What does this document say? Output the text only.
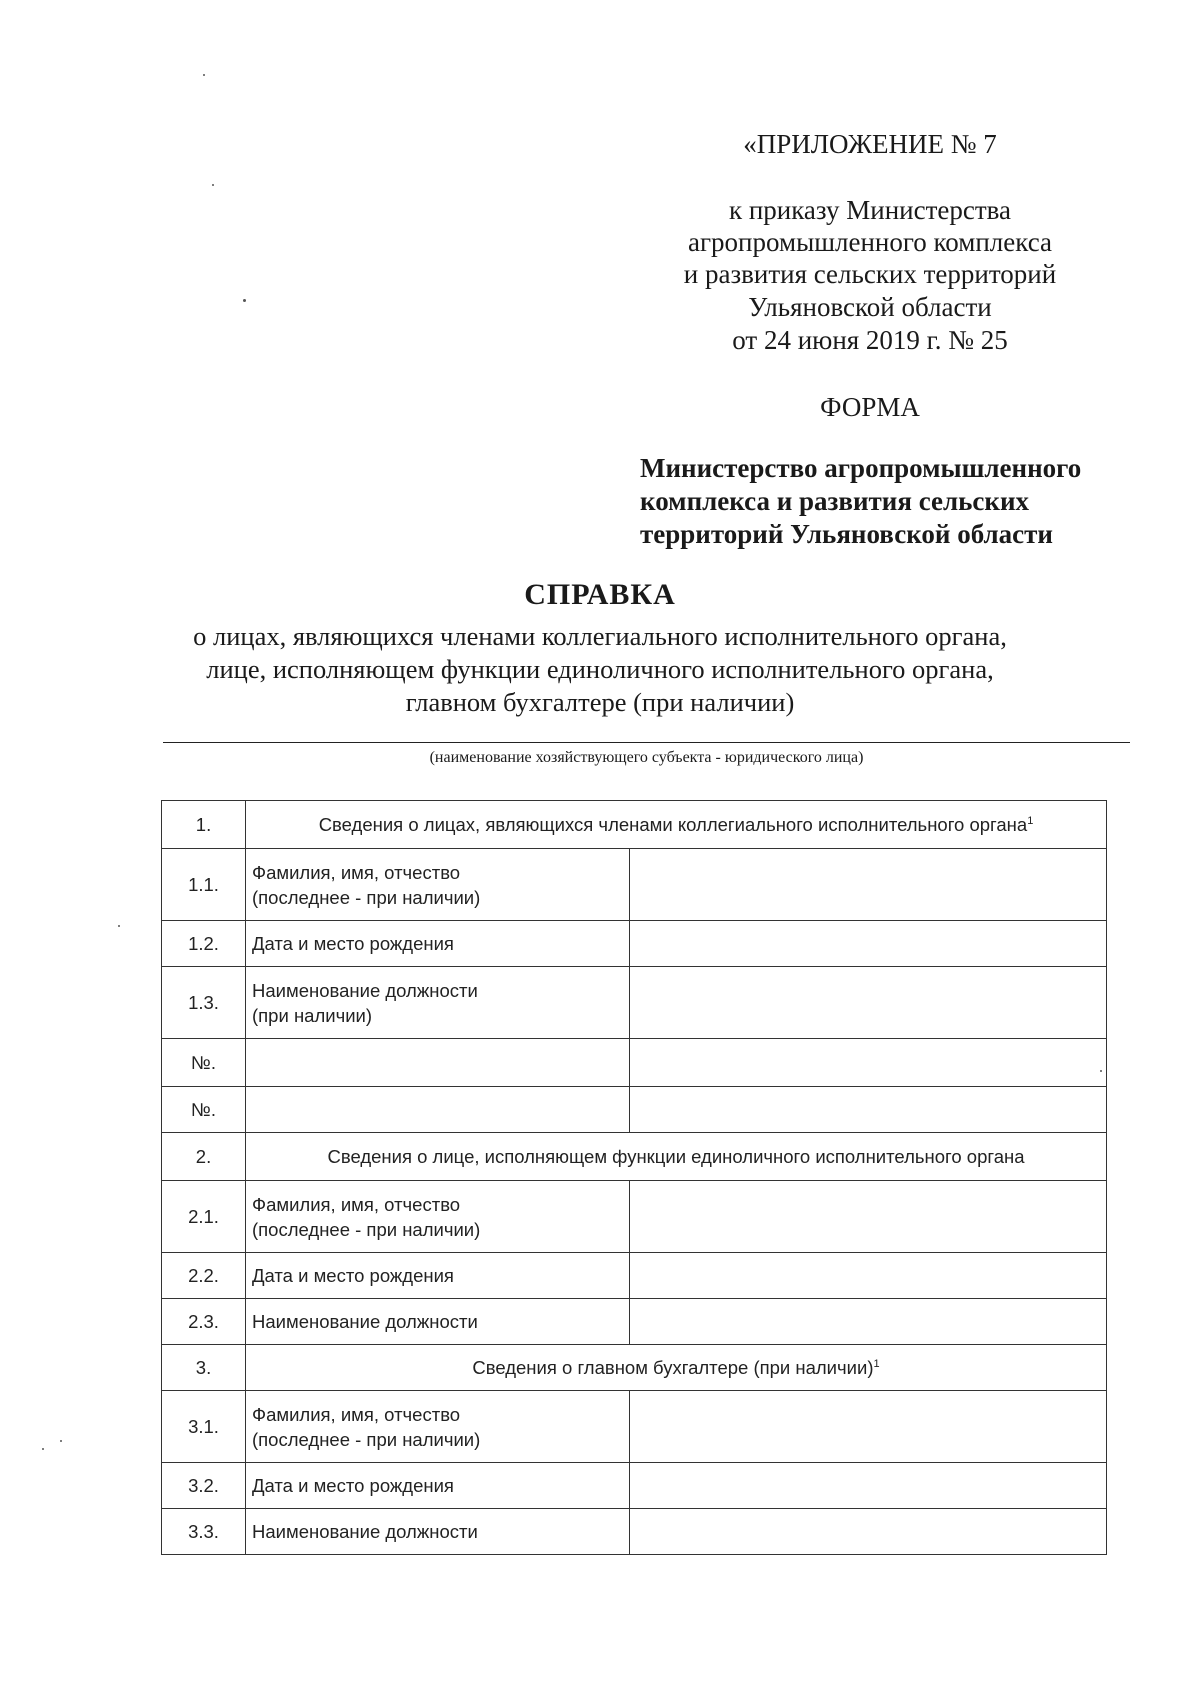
«ПРИЛОЖЕНИЕ № 7
к приказу Министерства
агропромышленного комплекса
и развития сельских территорий
Ульяновской области
от 24 июня 2019 г. № 25
ФОРМА
Министерство агропромышленного
комплекса и развития сельских
территорий Ульяновской области
СПРАВКА
о лицах, являющихся членами коллегиального исполнительного органа,
лице, исполняющем функции единоличного исполнительного органа,
главном бухгалтере (при наличии)
(наименование хозяйствующего субъекта - юридического лица)
1.	Сведения о лицах, являющихся членами коллегиального исполнительного органа$^1$
1.1.	Фамилия, имя, отчество
(последнее - при наличии)	

1.2.	Дата и место рождения	
1.3.	Наименование должности
(при наличии)	

№.		
№.		
2.	Сведения о лице, исполняющем функции единоличного исполнительного органа	
2.1.	Фамилия, имя, отчество
(последнее - при наличии)	

2.2.	Дата и место рождения	
2.3.	Наименование должности	
3.	Сведения о главном бухгалтере (при наличии)$^1$
3.1.	Фамилия, имя, отчество
(последнее - при наличии)	

3.2.	Дата и место рождения	
3.3.	Наименование должности	
